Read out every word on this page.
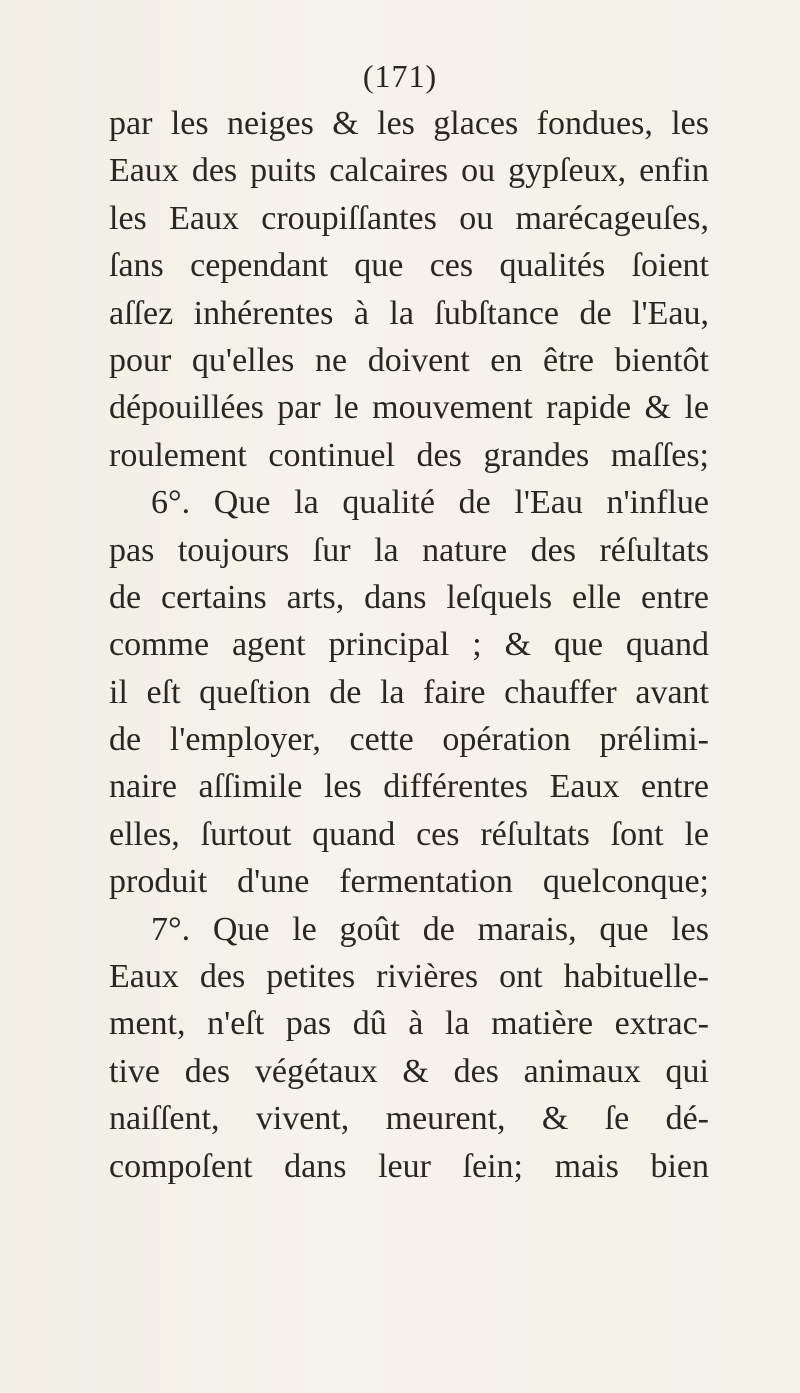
(171)
par les neiges & les glaces fondues, les
Eaux des puits calcaires ou gypſeux, enfin
les Eaux croupiſſantes ou marécageuſes,
ſans cependant que ces qualités ſoient
aſſez inhérentes à la ſubſtance de l'Eau,
pour qu'elles ne doivent en être bientôt
dépouillées par le mouvement rapide & le
roulement continuel des grandes maſſes;
6°. Que la qualité de l'Eau n'influe
pas toujours ſur la nature des réſultats
de certains arts, dans leſquels elle entre
comme agent principal ; & que quand
il eſt queſtion de la faire chauffer avant
de l'employer, cette opération prélimi-
naire aſſimile les différentes Eaux entre
elles, ſurtout quand ces réſultats ſont le
produit d'une fermentation quelconque;
7°. Que le goût de marais, que les
Eaux des petites rivières ont habituelle-
ment, n'eſt pas dû à la matière extrac-
tive des végétaux & des animaux qui
naiſſent, vivent, meurent, & ſe dé-
compoſent dans leur ſein; mais bien
